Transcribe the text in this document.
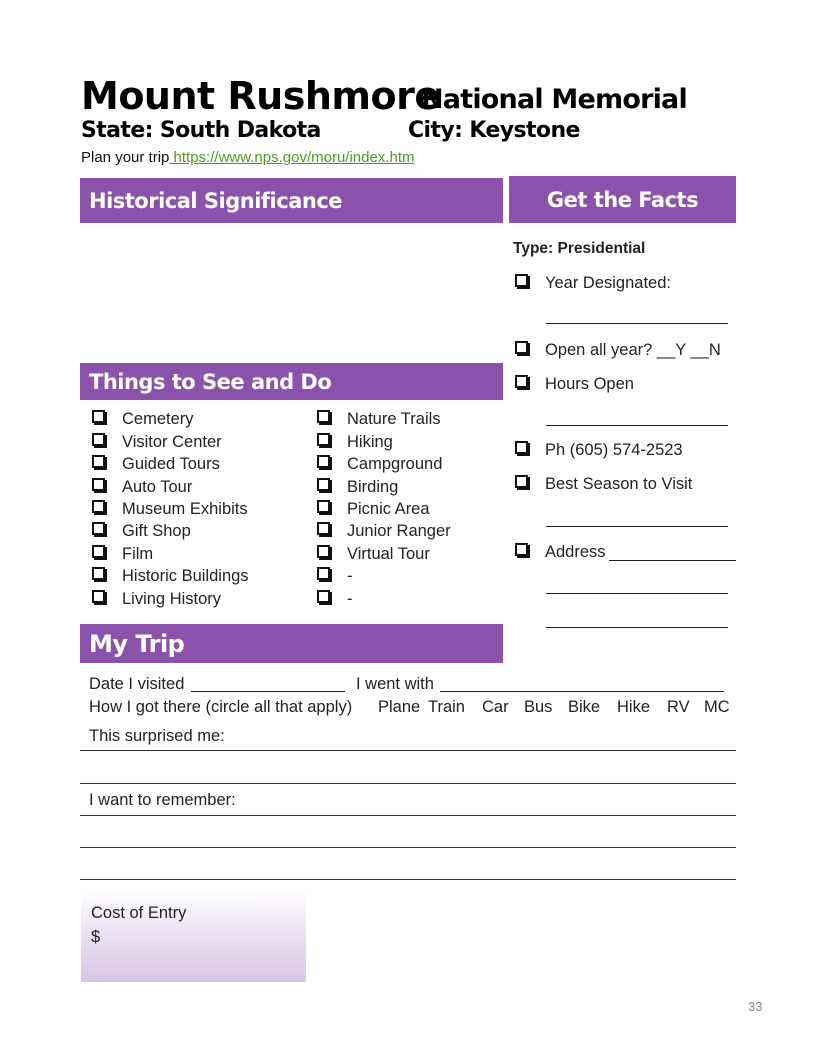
Mount Rushmore
National Memorial
State: South Dakota	City: Keystone
Plan your trip https://www.nps.gov/moru/index.htm
Historical Significance	Get the Facts
Things to See and Do
My Trip
Cemetery
Visitor Center
Guided Tours
Auto Tour
Museum Exhibits
Gift Shop
Film
Historic Buildings
Living History
Nature Trails
Hiking
Campground
Birding
Picnic Area
Junior Ranger
Virtual Tour
-
-
Type: Presidential
Year Designated:
Open all year? __Y __N
Hours Open
Ph (605) 574-2523
Best Season to Visit
Address
Date I visited	I went with
How I got there (circle all that apply) Plane Train Car Bus Bike Hike RV MC
This surprised me:
I want to remember:
Cost of Entry
$
33
